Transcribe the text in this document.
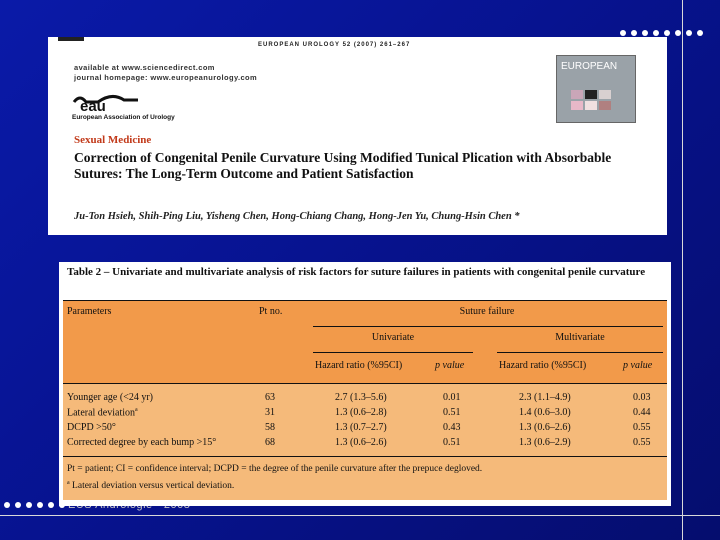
EUROPEAN UROLOGY 52 (2007) 261–267
available at www.sciencedirect.com
journal homepage: www.europeanurology.com
eau
European Association of Urology
EUROPEAN
Sexual Medicine
Correction of Congenital Penile Curvature Using Modified Tunical Plication with Absorbable Sutures: The Long-Term Outcome and Patient Satisfaction
Ju-Ton Hsieh, Shih-Ping Liu, Yisheng Chen, Hong-Chiang Chang, Hong-Jen Yu, Chung-Hsin Chen *
Table 2 – Univariate and multivariate analysis of risk factors for suture failures in patients with congenital penile curvature
Parameters	Pt no.	Suture failure
Univariate	Multivariate
Hazard ratio (%95CI)	p value	Hazard ratio (%95CI)	p value
Younger age (<24 yr)	63	2.7 (1.3–5.6)	0.01	2.3 (1.1–4.9)	0.03
Lateral deviation$^a$	31	1.3 (0.6–2.8)	0.51	1.4 (0.6–3.0)	0.44
DCPD >50°	58	1.3 (0.7–2.7)	0.43	1.3 (0.6–2.6)	0.55
Corrected degree by each bump >15°	68	1.3 (0.6–2.6)	0.51	1.3 (0.6–2.9)	0.55
Pt = patient; CI = confidence interval; DCPD = the degree of the penile curvature after the prepuce degloved.
$^a$ Lateral deviation versus vertical deviation.
